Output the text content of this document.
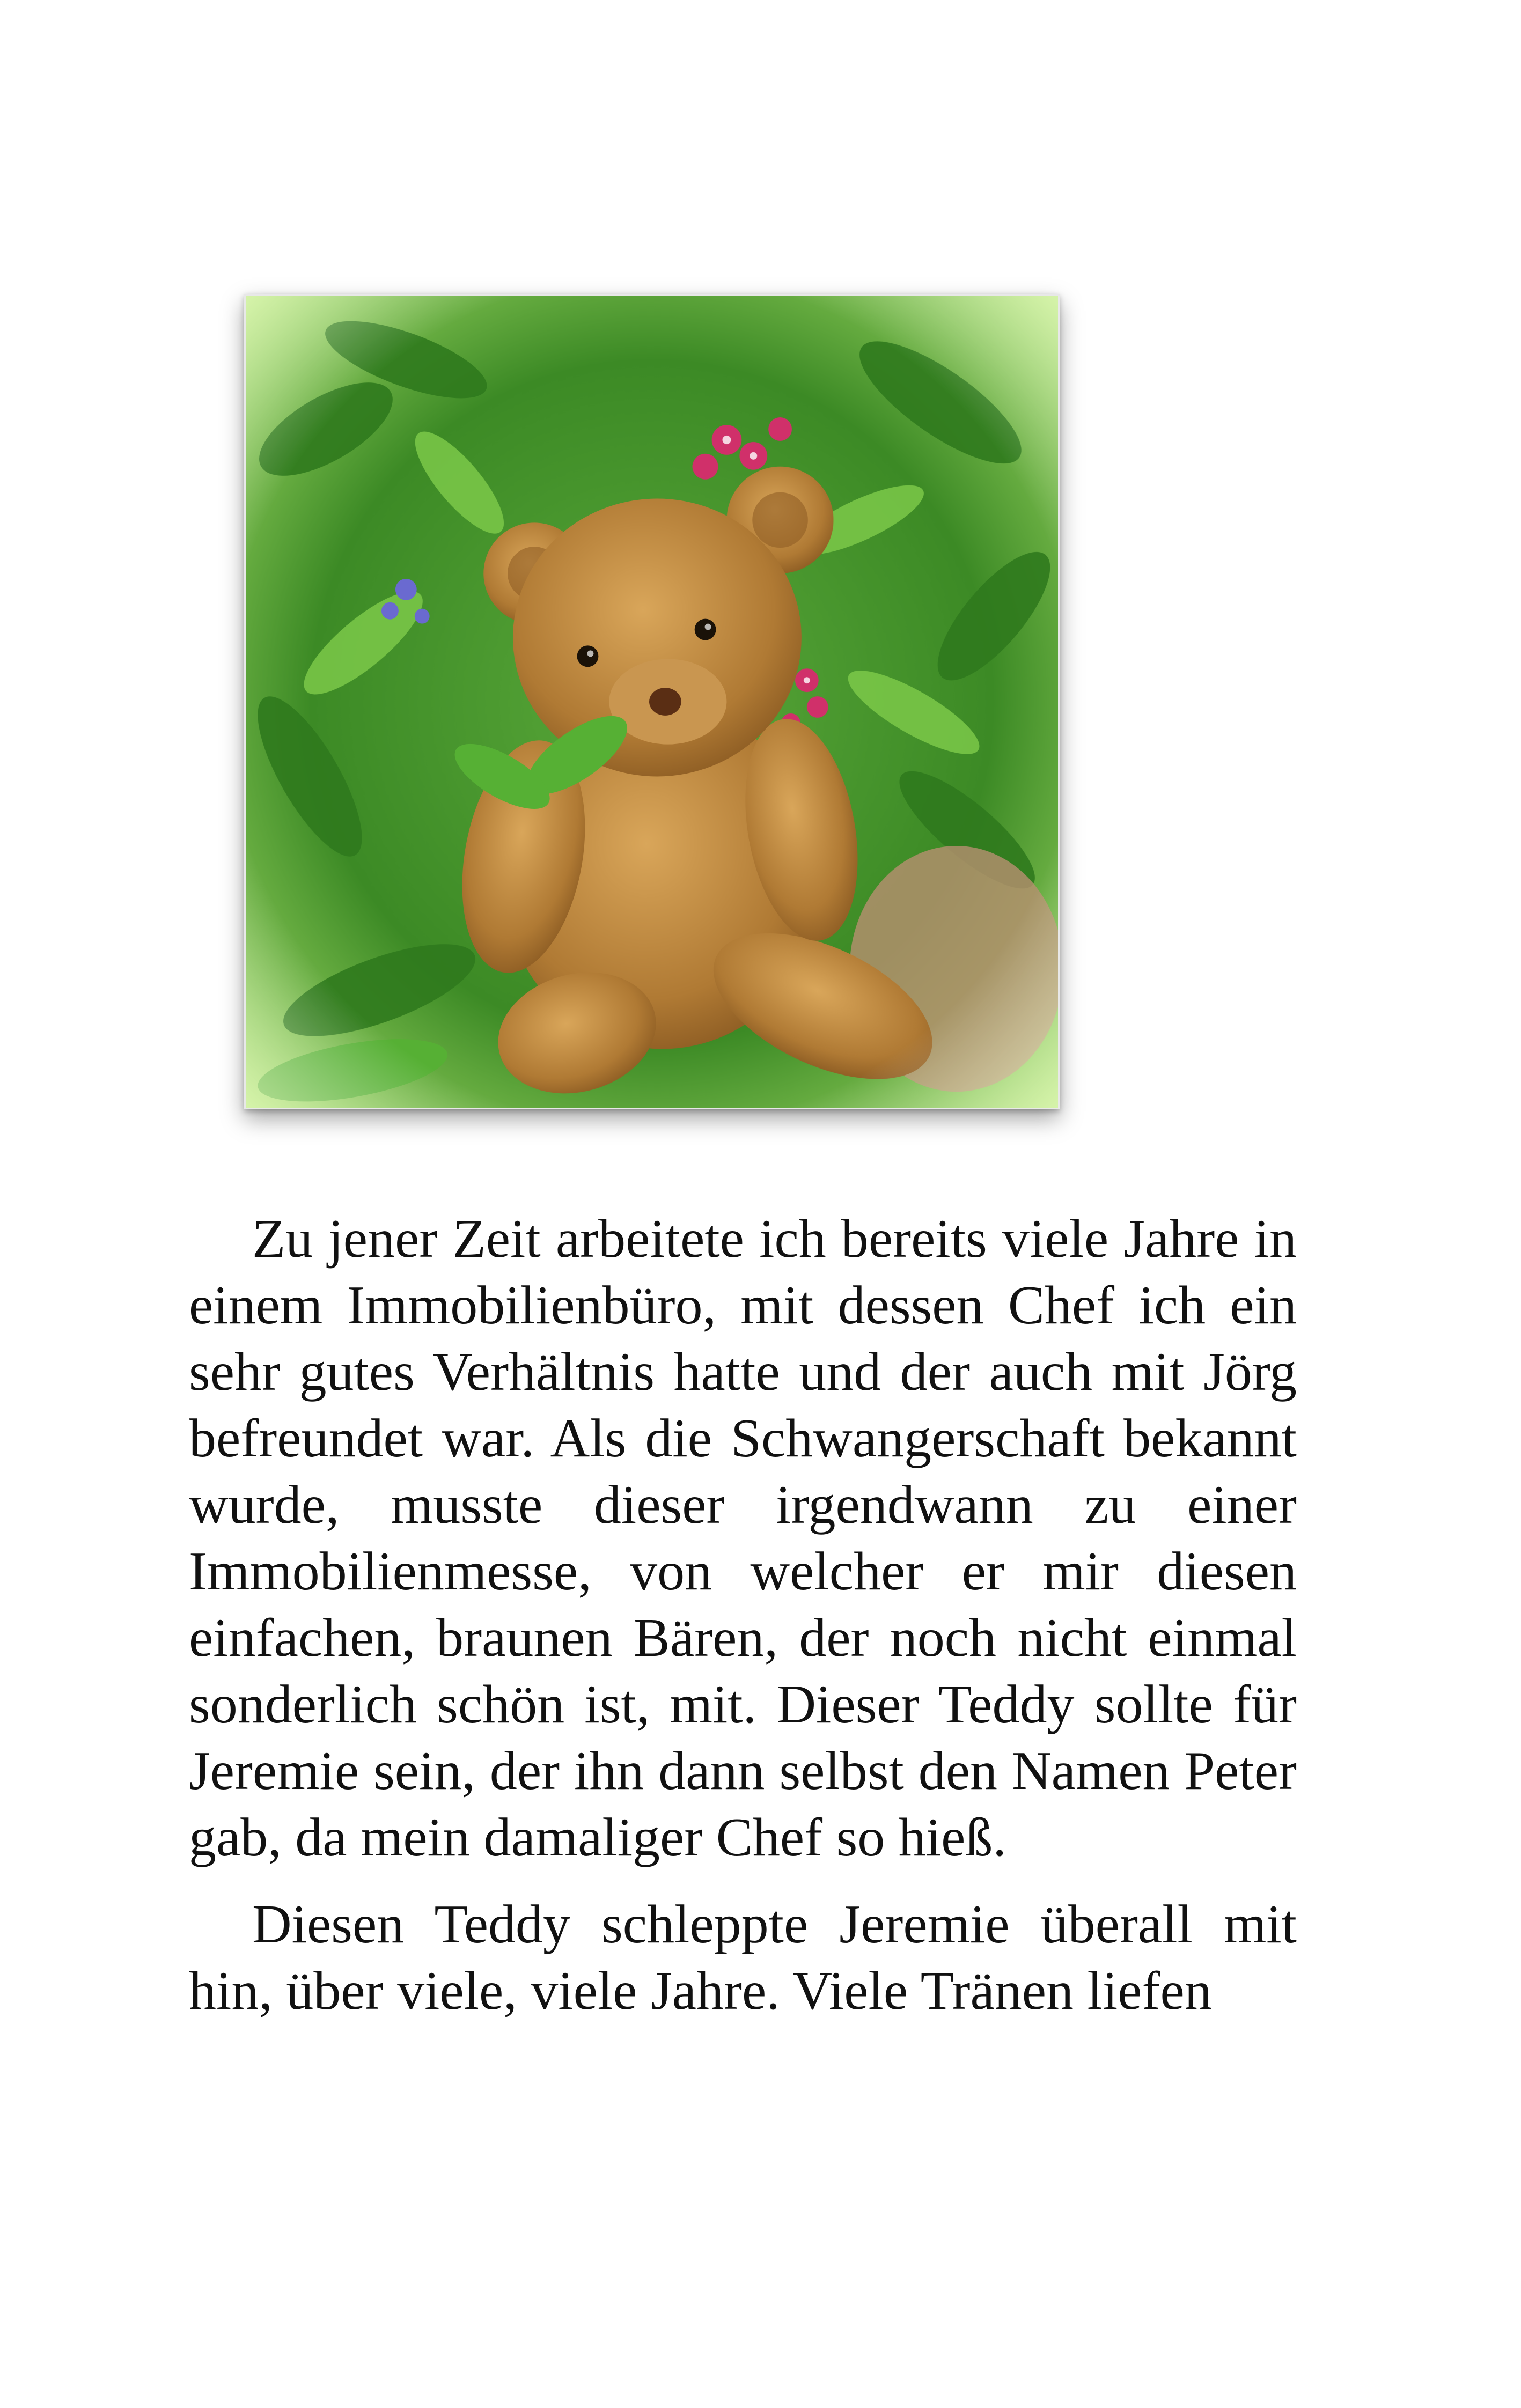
Zu jener Zeit arbeitete ich bereits viele Jahre in einem Immobilienbüro, mit dessen Chef ich ein sehr gutes Verhältnis hatte und der auch mit Jörg befreundet war. Als die Schwangerschaft bekannt wurde, musste dieser irgendwann zu einer Immobilienmesse, von welcher er mir diesen einfachen, braunen Bären, der noch nicht einmal sonderlich schön ist, mit. Dieser Teddy sollte für Jeremie sein, der ihn dann selbst den Namen Peter gab, da mein damaliger Chef so hieß.

Diesen Teddy schleppte Jeremie überall mit hin, über viele, viele Jahre. Viele Tränen liefen
